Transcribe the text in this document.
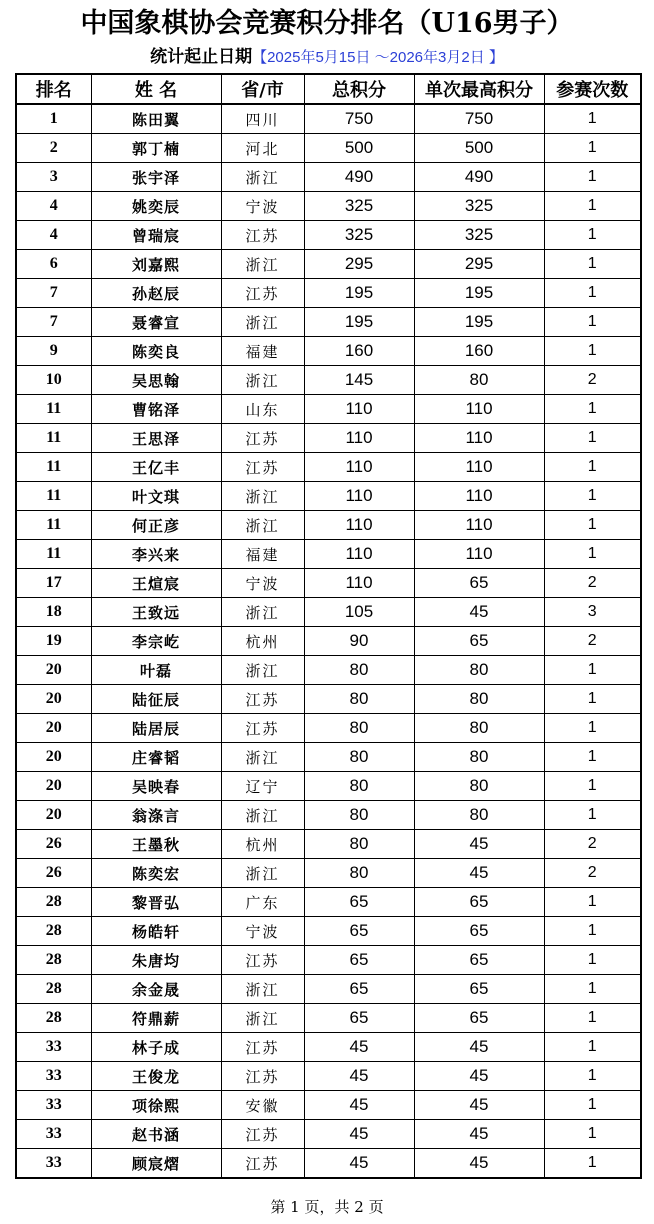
中国象棋协会竞赛积分排名（U16男子）
统计起止日期【2025年5月15日 ～2026年3月2日 】
排名	姓 名	省/市	总积分	单次最高积分	参赛次数
1	陈田翼	四川	750	750	1
2	郭丁楠	河北	500	500	1
3	张宇泽	浙江	490	490	1
4	姚奕辰	宁波	325	325	1
4	曾瑞宸	江苏	325	325	1
6	刘嘉熙	浙江	295	295	1
7	孙赵辰	江苏	195	195	1
7	聂睿宣	浙江	195	195	1
9	陈奕良	福建	160	160	1
10	吴思翰	浙江	145	80	2
11	曹铭泽	山东	110	110	1
11	王思泽	江苏	110	110	1
11	王亿丰	江苏	110	110	1
11	叶文琪	浙江	110	110	1
11	何正彦	浙江	110	110	1
11	李兴来	福建	110	110	1
17	王煊宸	宁波	110	65	2
18	王致远	浙江	105	45	3
19	李宗屹	杭州	90	65	2
20	叶磊	浙江	80	80	1
20	陆征辰	江苏	80	80	1
20	陆居辰	江苏	80	80	1
20	庄睿韬	浙江	80	80	1
20	吴映春	辽宁	80	80	1
20	翁涤言	浙江	80	80	1
26	王墨秋	杭州	80	45	2
26	陈奕宏	浙江	80	45	2
28	黎晋弘	广东	65	65	1
28	杨皓轩	宁波	65	65	1
28	朱唐均	江苏	65	65	1
28	余金晟	浙江	65	65	1
28	符鼎薪	浙江	65	65	1
33	林子成	江苏	45	45	1
33	王俊龙	江苏	45	45	1
33	项徐熙	安徽	45	45	1
33	赵书涵	江苏	45	45	1
33	顾宸熠	江苏	45	45	1
第 1 页，共 2 页
